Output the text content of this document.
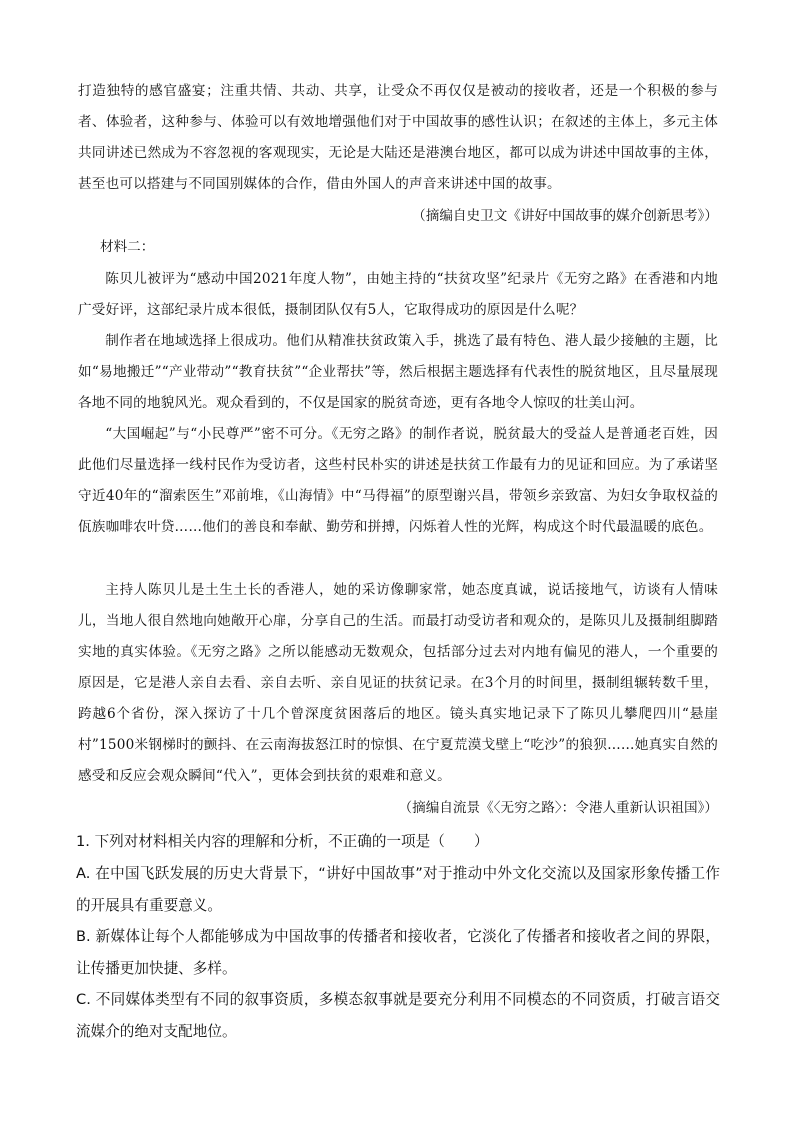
打造独特的感官盛宴；注重共情、共动、共享，让受众不再仅仅是被动的接收者，还是一个积极的参与者、体验者，这种参与、体验可以有效地增强他们对于中国故事的感性认识；在叙述的主体上，多元主体共同讲述已然成为不容忽视的客观现实，无论是大陆还是港澳台地区，都可以成为讲述中国故事的主体，甚至也可以搭建与不同国别媒体的合作，借由外国人的声音来讲述中国的故事。
（摘编自史卫文《讲好中国故事的媒介创新思考》）
材料二：
陈贝儿被评为“感动中国2021年度人物”，由她主持的“扶贫攻坚”纪录片《无穷之路》在香港和内地广受好评，这部纪录片成本很低，摄制团队仅有5人，它取得成功的原因是什么呢？
制作者在地域选择上很成功。他们从精准扶贫政策入手，挑选了最有特色、港人最少接触的主题，比如“易地搬迁”“产业带动”“教育扶贫”“企业帮扶”等，然后根据主题选择有代表性的脱贫地区，且尽量展现各地不同的地貌风光。观众看到的，不仅是国家的脱贫奇迹，更有各地令人惊叹的壮美山河。
“大国崛起”与“小民尊严”密不可分。《无穷之路》的制作者说，脱贫最大的受益人是普通老百姓，因此他们尽量选择一线村民作为受访者，这些村民朴实的讲述是扶贫工作最有力的见证和回应。为了承诺坚守近40年的“溜索医生”邓前堆，《山海情》中“马得福”的原型谢兴昌，带领乡亲致富、为妇女争取权益的佤族咖啡农叶贷……他们的善良和奉献、勤劳和拼搏，闪烁着人性的光辉，构成这个时代最温暖的底色。
主持人陈贝儿是土生土长的香港人，她的采访像聊家常，她态度真诚，说话接地气，访谈有人情味儿，当地人很自然地向她敞开心扉，分享自己的生活。而最打动受访者和观众的，是陈贝儿及摄制组脚踏实地的真实体验。《无穷之路》之所以能感动无数观众，包括部分过去对内地有偏见的港人，一个重要的原因是，它是港人亲自去看、亲自去听、亲自见证的扶贫记录。在3个月的时间里，摄制组辗转数千里，跨越6个省份，深入探访了十几个曾深度贫困落后的地区。镜头真实地记录下了陈贝儿攀爬四川“悬崖村”1500米钢梯时的颤抖、在云南海拔怒江时的惊惧、在宁夏荒漠戈壁上“吃沙”的狼狈……她真实自然的感受和反应会观众瞬间“代入”，更体会到扶贫的艰难和意义。
（摘编自流景《〈无穷之路〉：令港人重新认识祖国》）
1. 下列对材料相关内容的理解和分析，不正确的一项是（　　）
A. 在中国飞跃发展的历史大背景下，“讲好中国故事”对于推动中外文化交流以及国家形象传播工作的开展具有重要意义。
B. 新媒体让每个人都能够成为中国故事的传播者和接收者，它淡化了传播者和接收者之间的界限，让传播更加快捷、多样。
C. 不同媒体类型有不同的叙事资质，多模态叙事就是要充分利用不同模态的不同资质，打破言语交流媒介的绝对支配地位。
